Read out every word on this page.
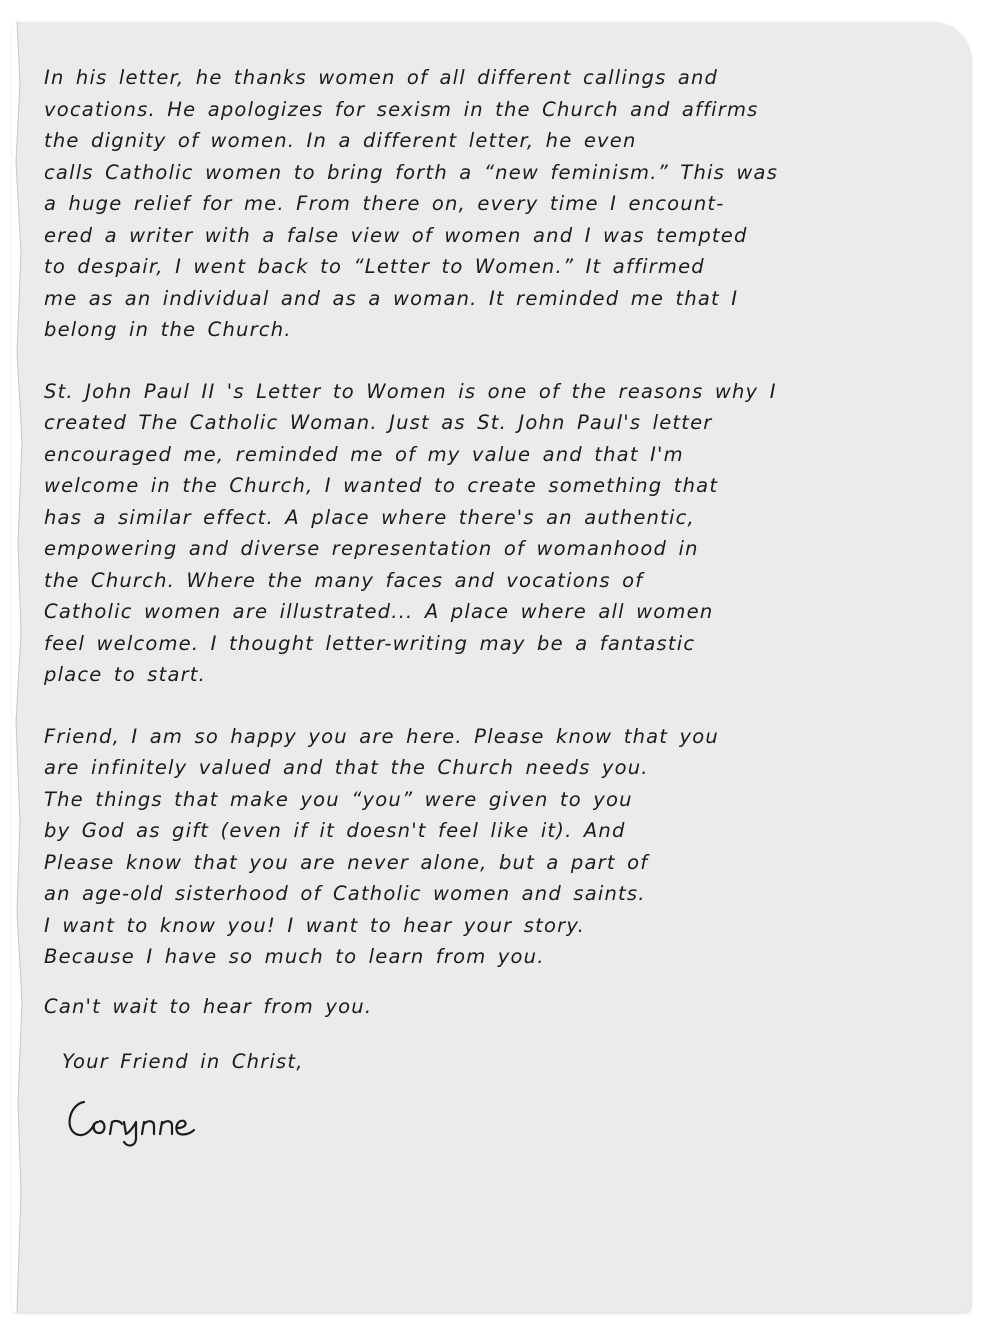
In his letter, he thanks women of all different callings and
vocations. He apologizes for sexism in the Church and affirms
the dignity of women. In a different letter, he even
calls Catholic women to bring forth a “new feminism.” This was
a huge relief for me. From there on, every time I encount-
ered a writer with a false view of women and I was tempted
to despair, I went back to “Letter to Women.” It affirmed
me as an individual and as a woman. It reminded me that I
belong in the Church.
St. John Paul II 's Letter to Women is one of the reasons why I
created The Catholic Woman. Just as St. John Paul's letter
encouraged me, reminded me of my value and that I'm
welcome in the Church, I wanted to create something that
has a similar effect. A place where there's an authentic,
empowering and diverse representation of womanhood in
the Church. Where the many faces and vocations of
Catholic women are illustrated... A place where all women
feel welcome. I thought letter-writing may be a fantastic
place to start.
Friend, I am so happy you are here. Please know that you
are infinitely valued and that the Church needs you.
The things that make you “you” were given to you
by God as gift (even if it doesn't feel like it). And
Please know that you are never alone, but a part of
an age-old sisterhood of Catholic women and saints.
I want to know you! I want to hear your story.
Because I have so much to learn from you.
Can't wait to hear from you.
Your Friend in Christ,
